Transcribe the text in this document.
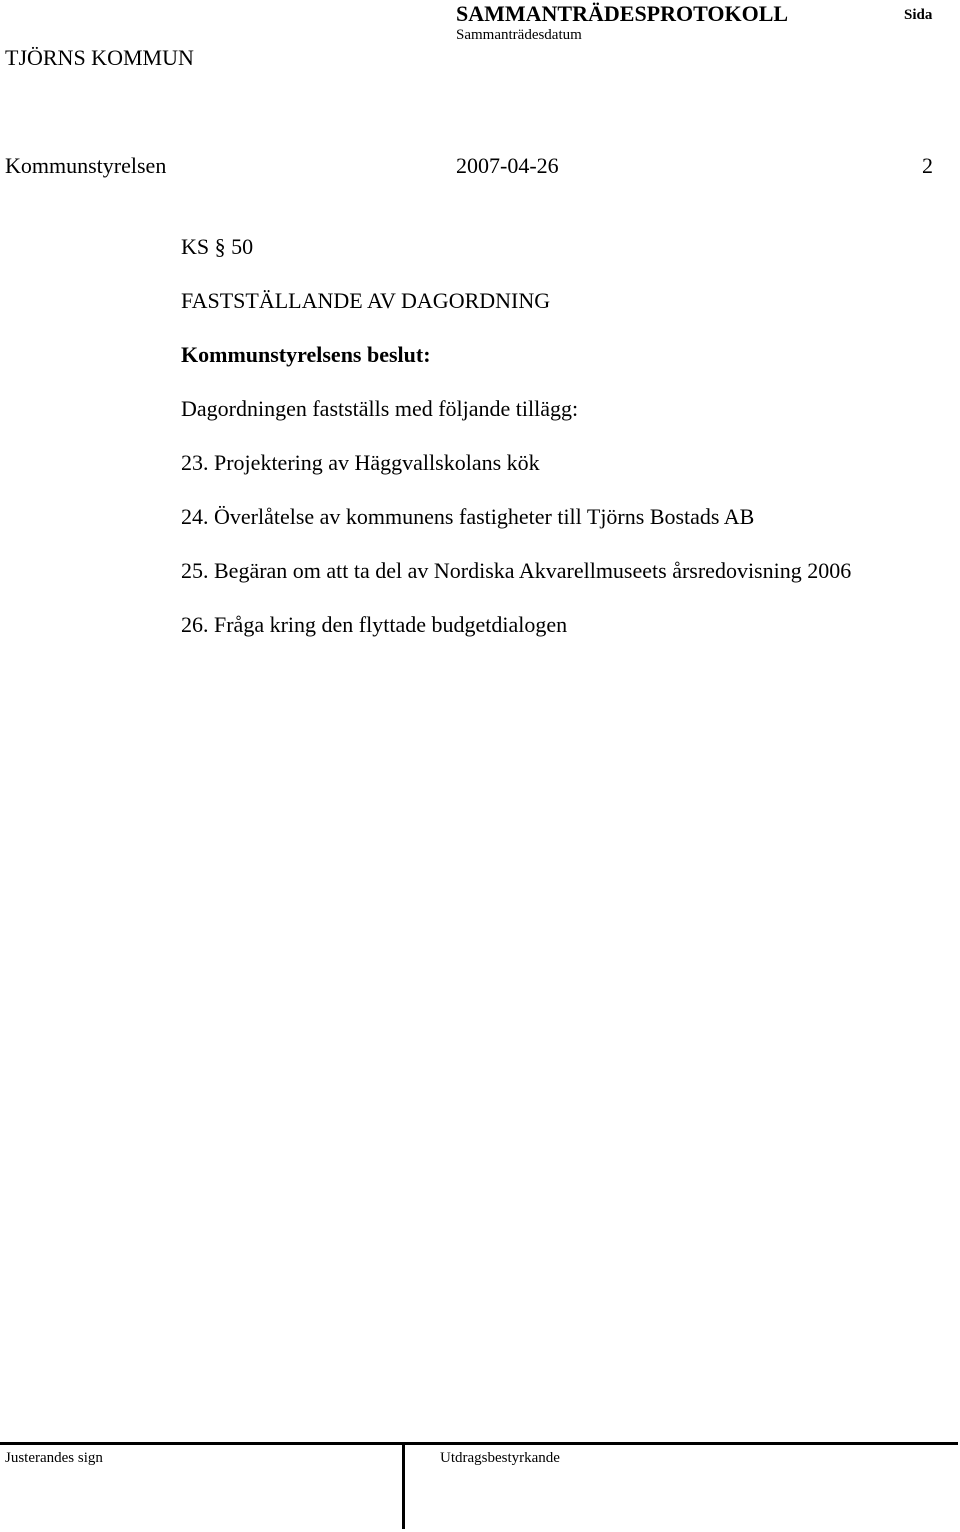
SAMMANTRÄDESPROTOKOLL
Sammanträdesdatum
Sida
TJÖRNS KOMMUN
Kommunstyrelsen	2007-04-26	2
KS § 50
FASTSTÄLLANDE AV DAGORDNING
Kommunstyrelsens beslut:
Dagordningen fastställs med följande tillägg:
23. Projektering av Häggvallskolans kök
24. Överlåtelse av kommunens fastigheter till Tjörns Bostads AB
25. Begäran om att ta del av Nordiska Akvarellmuseets årsredovisning 2006
26. Fråga kring den flyttade budgetdialogen
Justerandes sign	Utdragsbestyrkande
